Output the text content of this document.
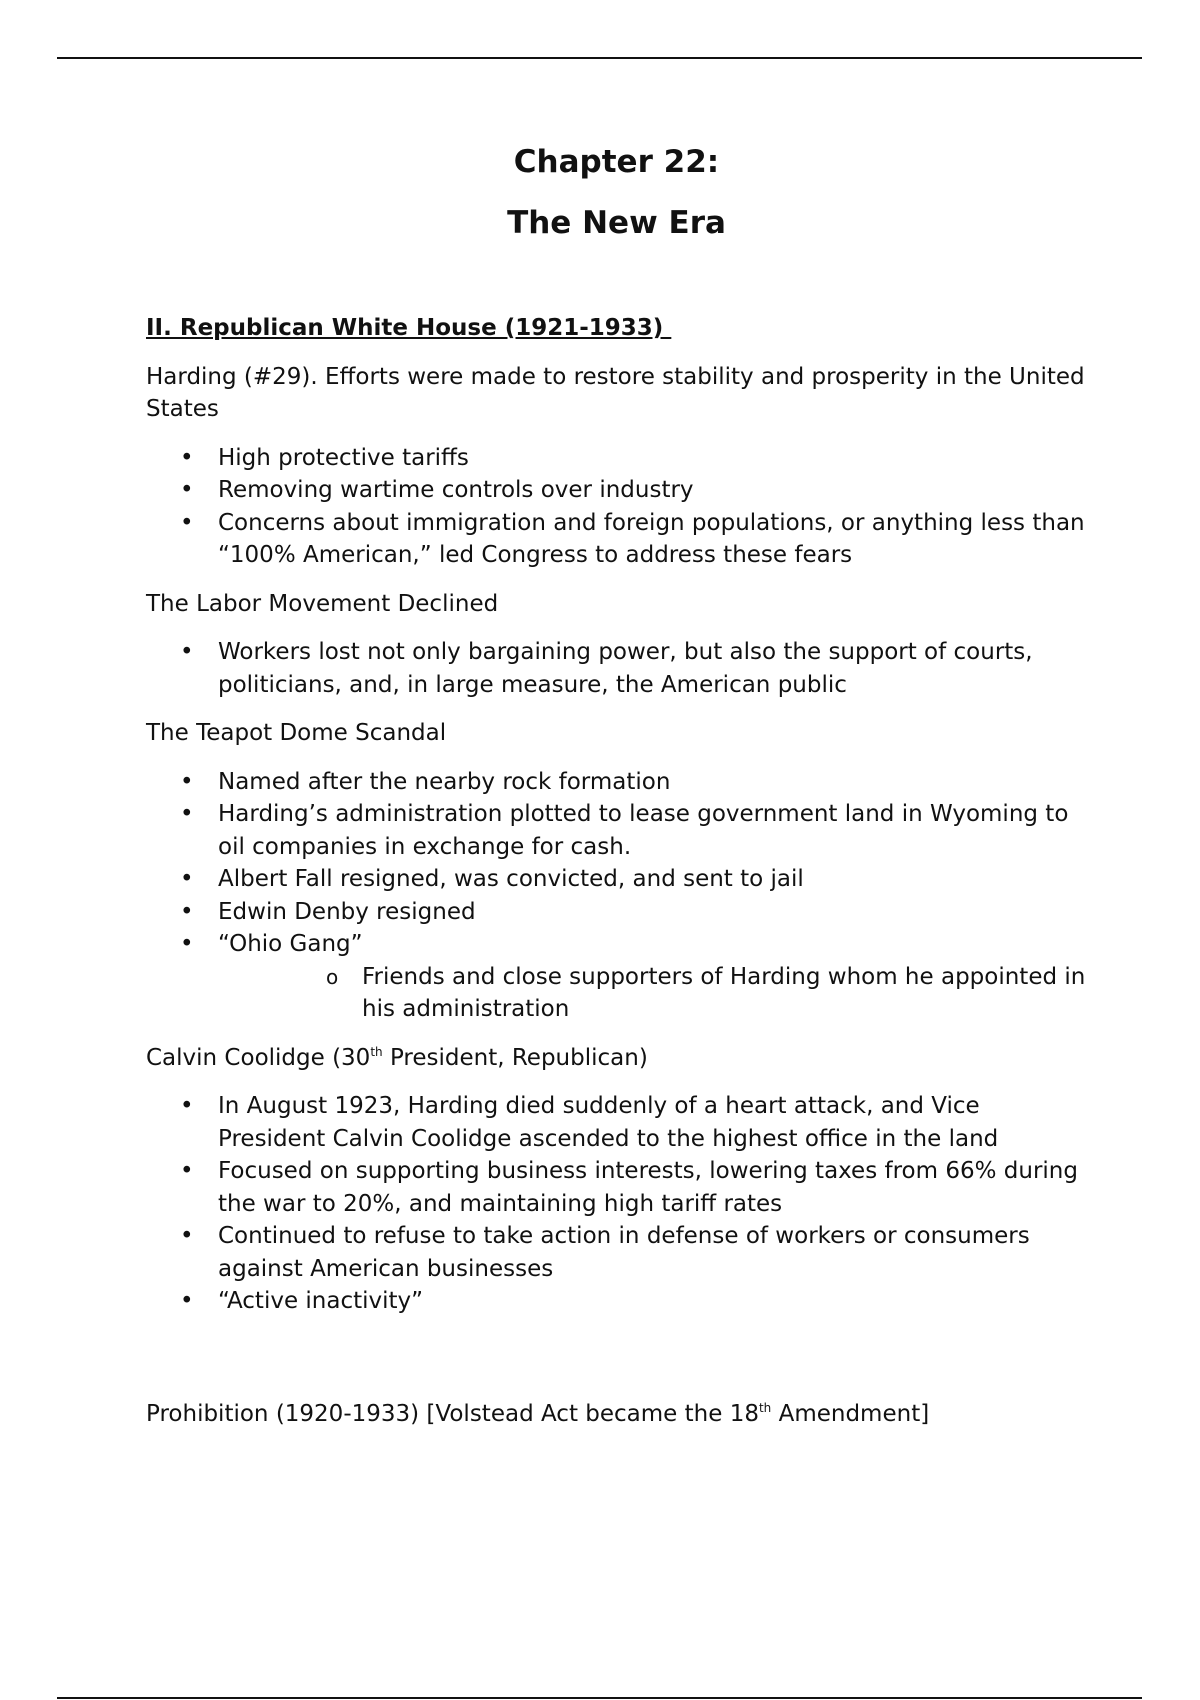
Chapter 22:
The New Era
II. Republican White House (1921-1933)
Harding (#29). Efforts were made to restore stability and prosperity in the United States
• High protective tariffs
• Removing wartime controls over industry
• Concerns about immigration and foreign populations, or anything less than “100% American,” led Congress to address these fears
The Labor Movement Declined
• Workers lost not only bargaining power, but also the support of courts, politicians, and, in large measure, the American public
The Teapot Dome Scandal
• Named after the nearby rock formation
• Harding’s administration plotted to lease government land in Wyoming to oil companies in exchange for cash.
• Albert Fall resigned, was convicted, and sent to jail
• Edwin Denby resigned
• “Ohio Gang”
o Friends and close supporters of Harding whom he appointed in his administration
Calvin Coolidge (30th President, Republican)
• In August 1923, Harding died suddenly of a heart attack, and Vice President Calvin Coolidge ascended to the highest office in the land
• Focused on supporting business interests, lowering taxes from 66% during the war to 20%, and maintaining high tariff rates
• Continued to refuse to take action in defense of workers or consumers against American businesses
• “Active inactivity”
Prohibition (1920-1933) [Volstead Act became the 18th Amendment]
